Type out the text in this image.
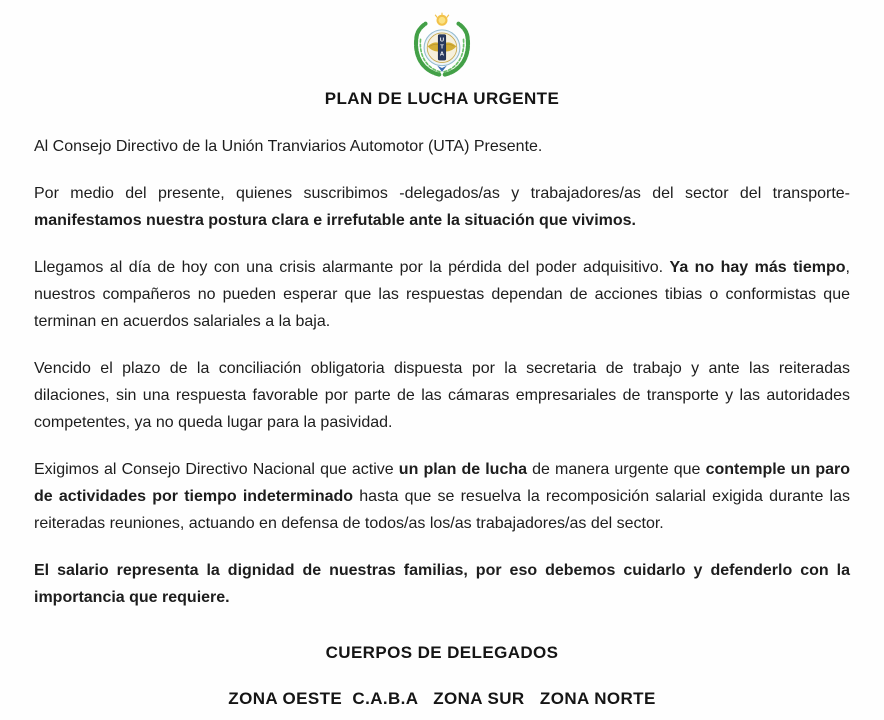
U
T
A
PLAN DE LUCHA URGENTE

Al Consejo Directivo de la Unión Tranviarios Automotor (UTA) Presente.

Por medio del presente, quienes suscribimos -delegados/as y trabajadores/as del sector del transporte- manifestamos nuestra postura clara e irrefutable ante la situación que vivimos.

Llegamos al día de hoy con una crisis alarmante por la pérdida del poder adquisitivo. Ya no hay más tiempo, nuestros compañeros no pueden esperar que las respuestas dependan de acciones tibias o conformistas que terminan en acuerdos salariales a la baja.

Vencido el plazo de la conciliación obligatoria dispuesta por la secretaria de trabajo y ante las reiteradas dilaciones, sin una respuesta favorable por parte de las cámaras empresariales de transporte y las autoridades competentes, ya no queda lugar para la pasividad.

Exigimos al Consejo Directivo Nacional que active un plan de lucha de manera urgente que contemple un paro de actividades por tiempo indeterminado hasta que se resuelva la recomposición salarial exigida durante las reiteradas reuniones, actuando en defensa de todos/as los/as trabajadores/as del sector.

El salario representa la dignidad de nuestras familias, por eso debemos cuidarlo y defenderlo con la importancia que requiere.

CUERPOS DE DELEGADOS
ZONA OESTE  C.A.B.A   ZONA SUR   ZONA NORTE
